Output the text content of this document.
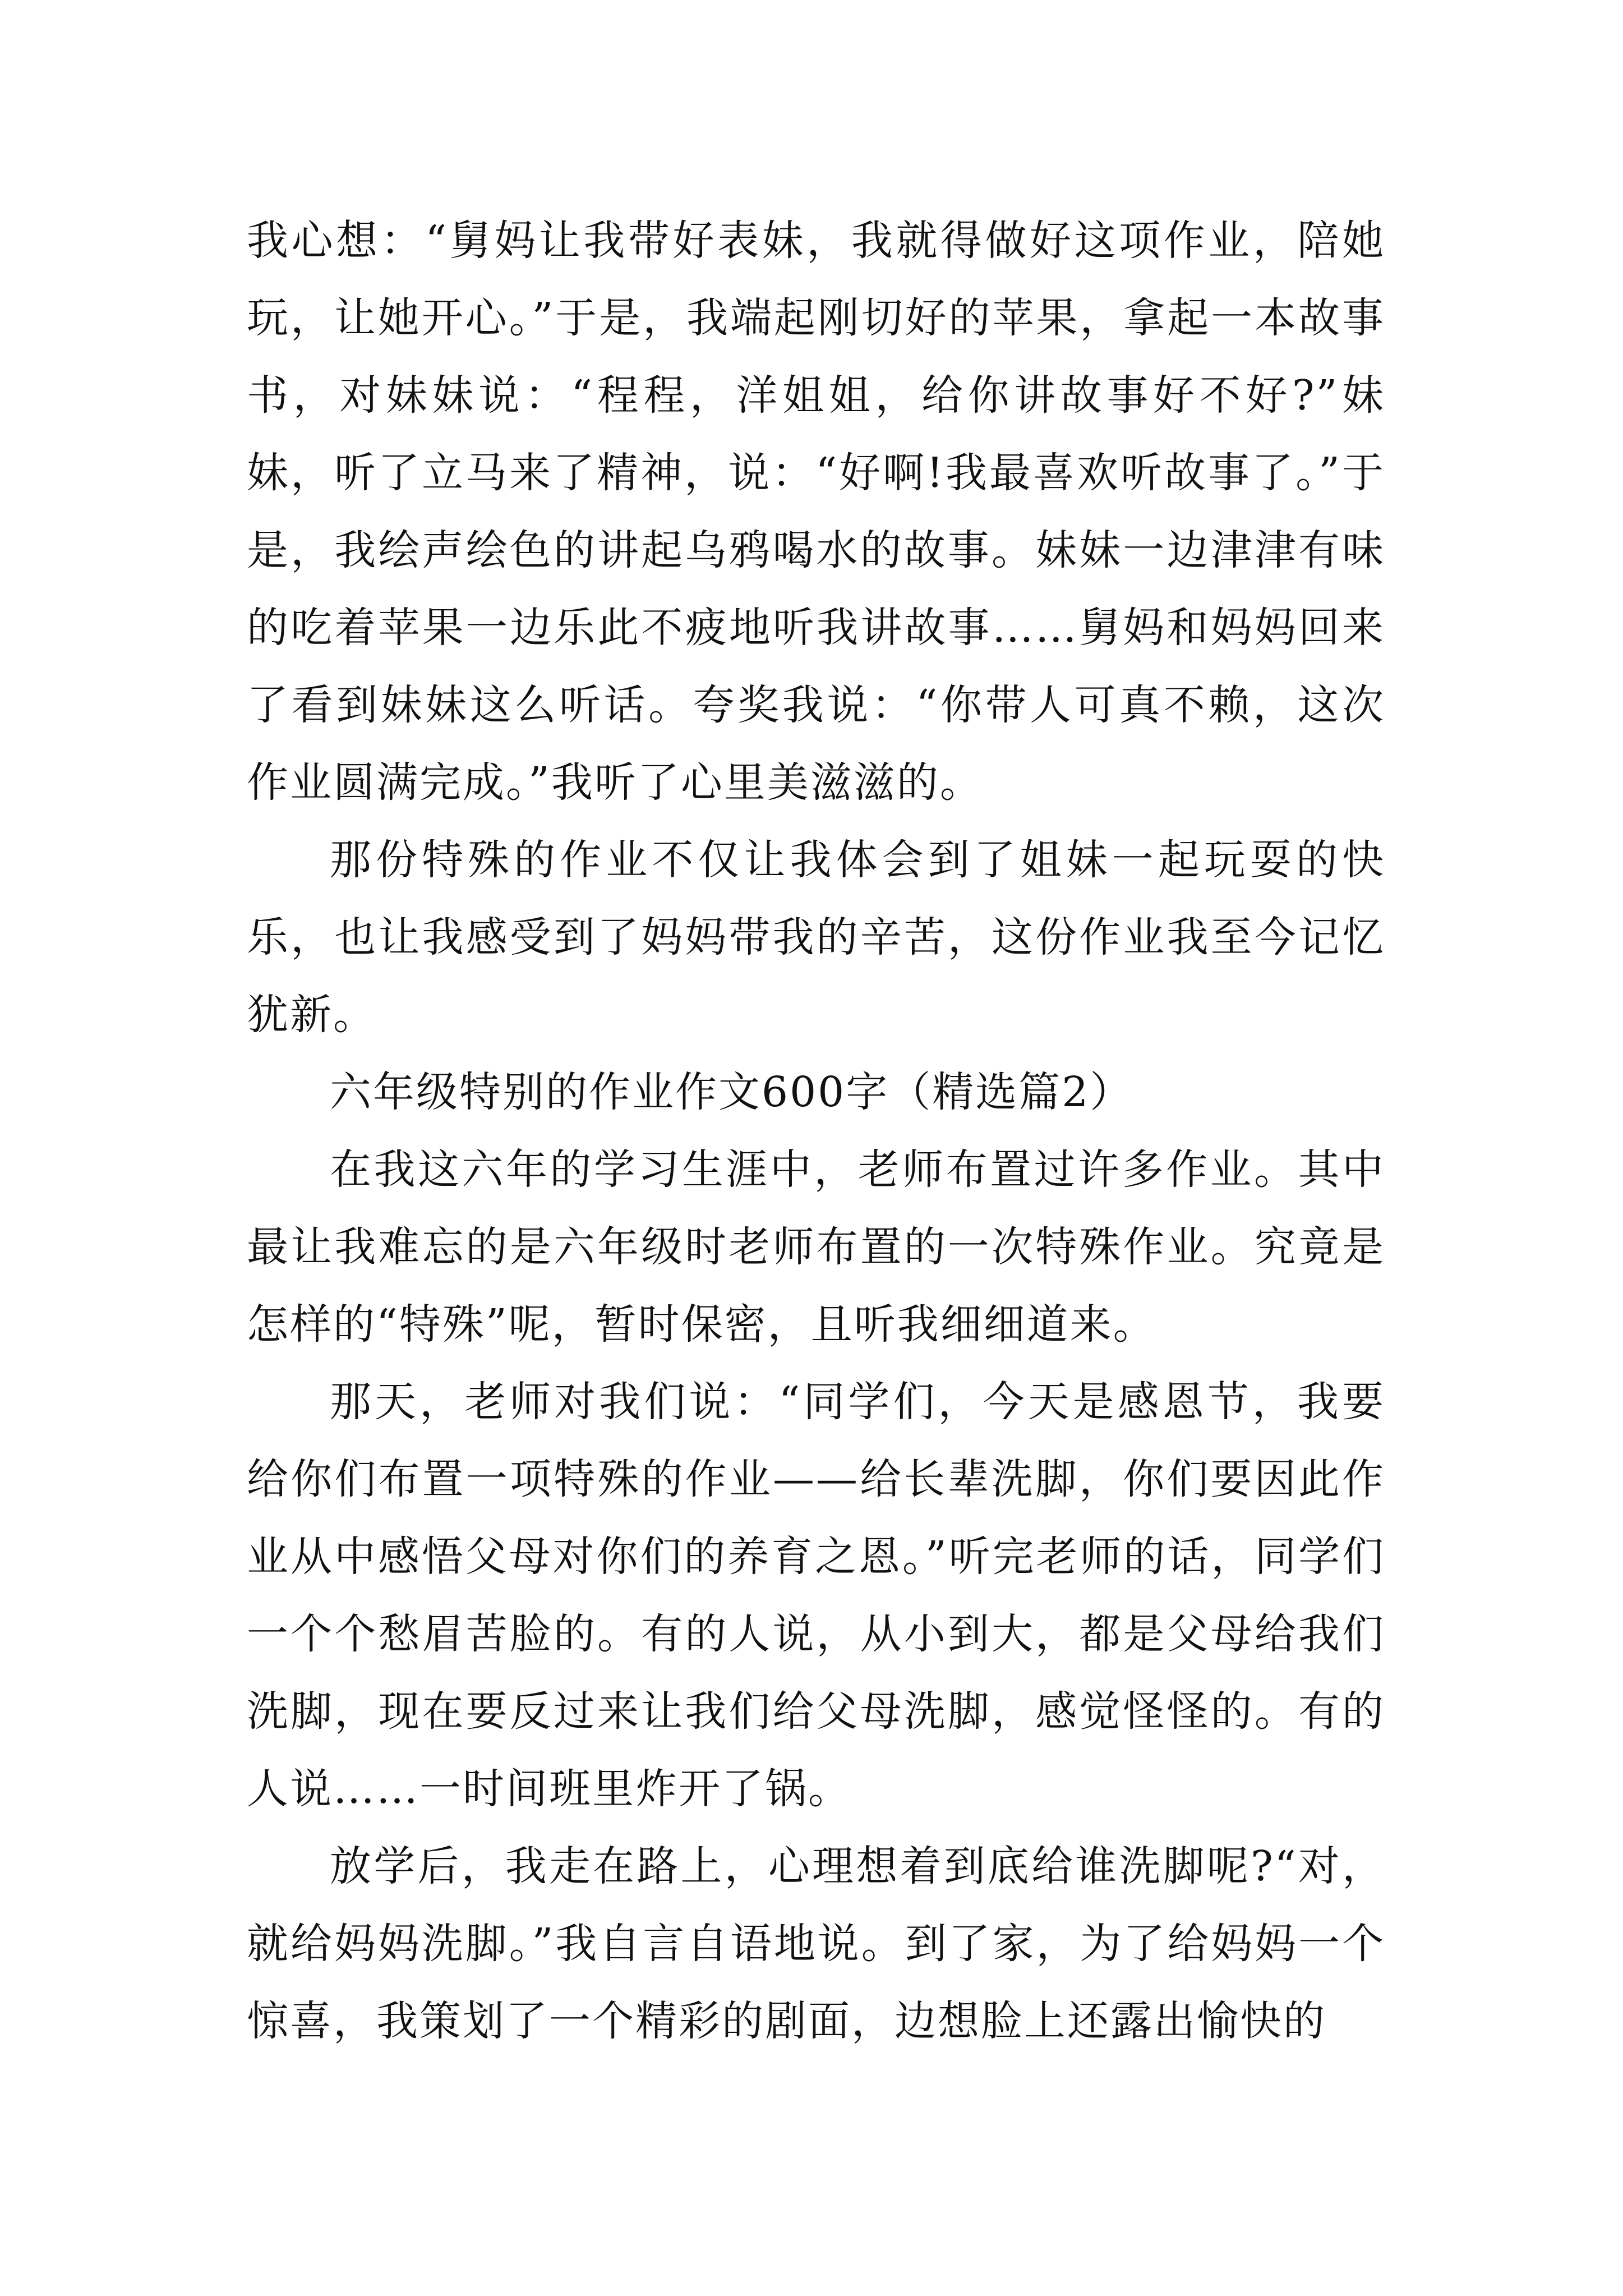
我心想：“舅妈让我带好表妹，我就得做好这项作业，陪她玩，让她开心。”于是，我端起刚切好的苹果，拿起一本故事书，对妹妹说：“程程，洋姐姐，给你讲故事好不好?”妹妹，听了立马来了精神，说：“好啊!我最喜欢听故事了。”于是，我绘声绘色的讲起乌鸦喝水的故事。妹妹一边津津有味的吃着苹果一边乐此不疲地听我讲故事……舅妈和妈妈回来了看到妹妹这么听话。夸奖我说：“你带人可真不赖，这次作业圆满完成。”我听了心里美滋滋的。

那份特殊的作业不仅让我体会到了姐妹一起玩耍的快乐，也让我感受到了妈妈带我的辛苦，这份作业我至今记忆犹新。

六年级特别的作业作文600字（精选篇2）

在我这六年的学习生涯中，老师布置过许多作业。其中最让我难忘的是六年级时老师布置的一次特殊作业。究竟是怎样的“特殊”呢，暂时保密，且听我细细道来。

那天，老师对我们说：“同学们，今天是感恩节，我要给你们布置一项特殊的作业——给长辈洗脚，你们要因此作业从中感悟父母对你们的养育之恩。”听完老师的话，同学们一个个愁眉苦脸的。有的人说，从小到大，都是父母给我们洗脚，现在要反过来让我们给父母洗脚，感觉怪怪的。有的人说……一时间班里炸开了锅。

放学后，我走在路上，心理想着到底给谁洗脚呢?“对，就给妈妈洗脚。”我自言自语地说。到了家，为了给妈妈一个惊喜，我策划了一个精彩的剧面，边想脸上还露出愉快的
